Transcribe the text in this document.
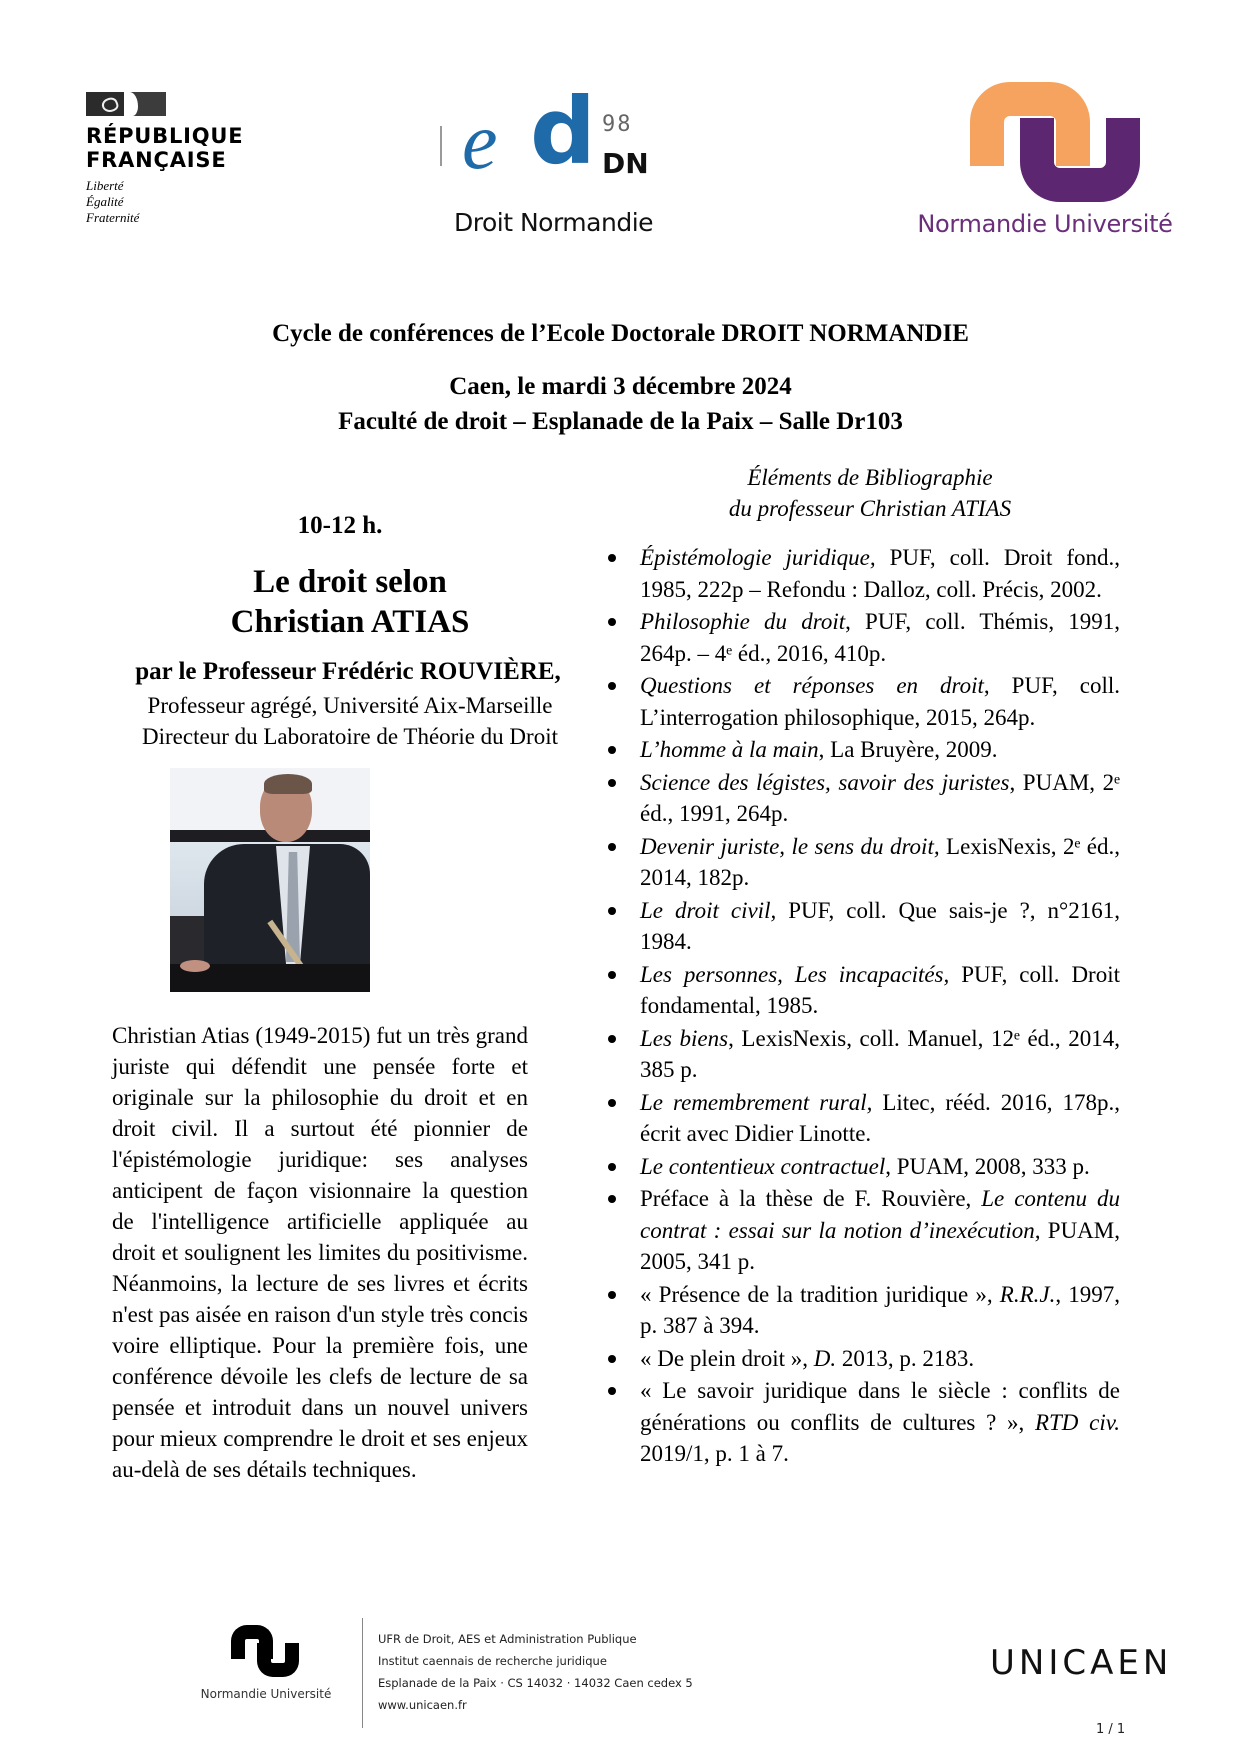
RÉPUBLIQUE
FRANÇAISE
Liberté
Égalité
Fraternité
e d 98
DN
Droit Normandie	Normandie Université
Cycle de conférences de l’Ecole Doctorale DROIT NORMANDIE
Caen, le mardi 3 décembre 2024
Faculté de droit – Esplanade de la Paix – Salle Dr103
10-12 h.
Le droit selon
Christian ATIAS
par le Professeur Frédéric ROUVIÈRE,
Professeur agrégé, Université Aix-Marseille
Directeur du Laboratoire de Théorie du Droit

Christian Atias (1949-2015) fut un très grand juriste qui défendit une pensée forte et originale sur la philosophie du droit et en droit civil. Il a surtout été pionnier de l'épistémologie juridique: ses analyses anticipent de façon visionnaire la question de l'intelligence artificielle appliquée au droit et soulignent les limites du positivisme. Néanmoins, la lecture de ses livres et écrits n'est pas aisée en raison d'un style très concis voire elliptique. Pour la première fois, une conférence dévoile les clefs de lecture de sa pensée et introduit dans un nouvel univers pour mieux comprendre le droit et ses enjeux au-delà de ses détails techniques.

Éléments de Bibliographie
du professeur Christian ATIAS
Épistémologie juridique, PUF, coll. Droit fond., 1985, 222p – Refondu : Dalloz, coll. Précis, 2002.
Philosophie du droit, PUF, coll. Thémis, 1991, 264p. – 4ᵉ éd., 2016, 410p.
Questions et réponses en droit, PUF, coll. L’interrogation philosophique, 2015, 264p.
L’homme à la main, La Bruyère, 2009.
Science des légistes, savoir des juristes, PUAM, 2ᵉ éd., 1991, 264p.
Devenir juriste, le sens du droit, LexisNexis, 2ᵉ éd., 2014, 182p.
Le droit civil, PUF, coll. Que sais-je ?, n°2161, 1984.
Les personnes, Les incapacités, PUF, coll. Droit fondamental, 1985.
Les biens, LexisNexis, coll. Manuel, 12ᵉ éd., 2014, 385 p.
Le remembrement rural, Litec, rééd. 2016, 178p., écrit avec Didier Linotte.
Le contentieux contractuel, PUAM, 2008, 333 p.
Préface à la thèse de F. Rouvière, Le contenu du contrat : essai sur la notion d’inexécution, PUAM, 2005, 341 p.
« Présence de la tradition juridique », R.R.J., 1997, p. 387 à 394.
« De plein droit », D. 2013, p. 2183.
« Le savoir juridique dans le siècle : conflits de générations ou conflits de cultures ? », RTD civ. 2019/1, p. 1 à 7.
Normandie Université
UFR de Droit, AES et Administration Publique
Institut caennais de recherche juridique
Esplanade de la Paix · CS 14032 · 14032 Caen cedex 5
www.unicaen.fr
UNICAEN
1 / 1
